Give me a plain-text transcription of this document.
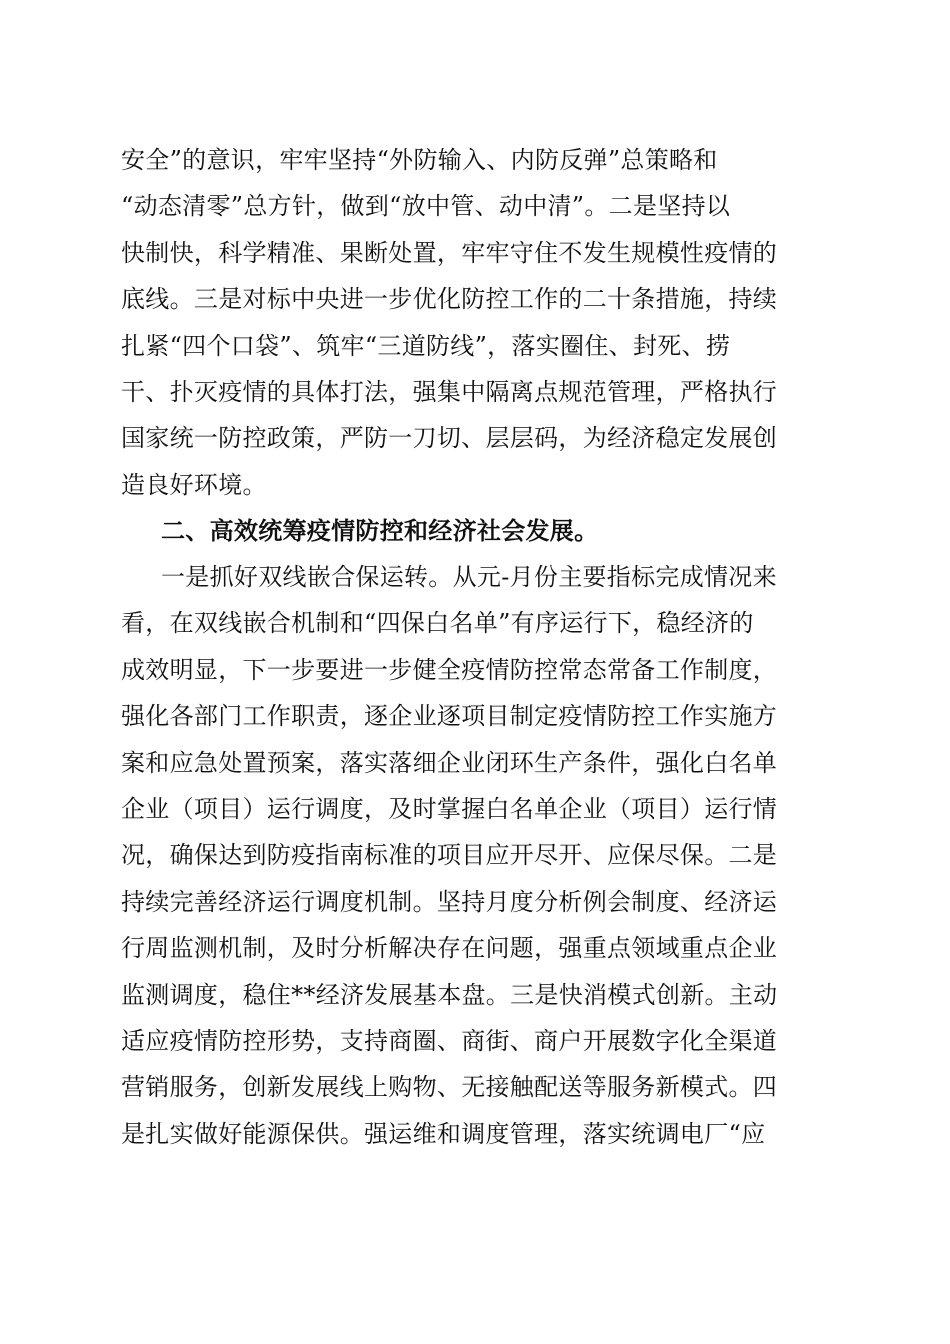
安全”的意识，牢牢坚持“外防输入、内防反弹”总策略和
“动态清零”总方针，做到“放中管、动中清”。二是坚持以
快制快，科学精准、果断处置，牢牢守住不发生规模性疫情的
底线。三是对标中央进一步优化防控工作的二十条措施，持续
扎紧“四个口袋”、筑牢“三道防线”，落实圈住、封死、捞
干、扑灭疫情的具体打法，强集中隔离点规范管理，严格执行
国家统一防控政策，严防一刀切、层层码，为经济稳定发展创
造良好环境。
二、高效统筹疫情防控和经济社会发展。
一是抓好双线嵌合保运转。从元-月份主要指标完成情况来
看，在双线嵌合机制和“四保白名单”有序运行下，稳经济的
成效明显，下一步要进一步健全疫情防控常态常备工作制度，
强化各部门工作职责，逐企业逐项目制定疫情防控工作实施方
案和应急处置预案，落实落细企业闭环生产条件，强化白名单
企业（项目）运行调度，及时掌握白名单企业（项目）运行情
况，确保达到防疫指南标准的项目应开尽开、应保尽保。二是
持续完善经济运行调度机制。坚持月度分析例会制度、经济运
行周监测机制，及时分析解决存在问题，强重点领域重点企业
监测调度，稳住**经济发展基本盘。三是快消模式创新。主动
适应疫情防控形势，支持商圈、商街、商户开展数字化全渠道
营销服务，创新发展线上购物、无接触配送等服务新模式。四
是扎实做好能源保供。强运维和调度管理，落实统调电厂“应
